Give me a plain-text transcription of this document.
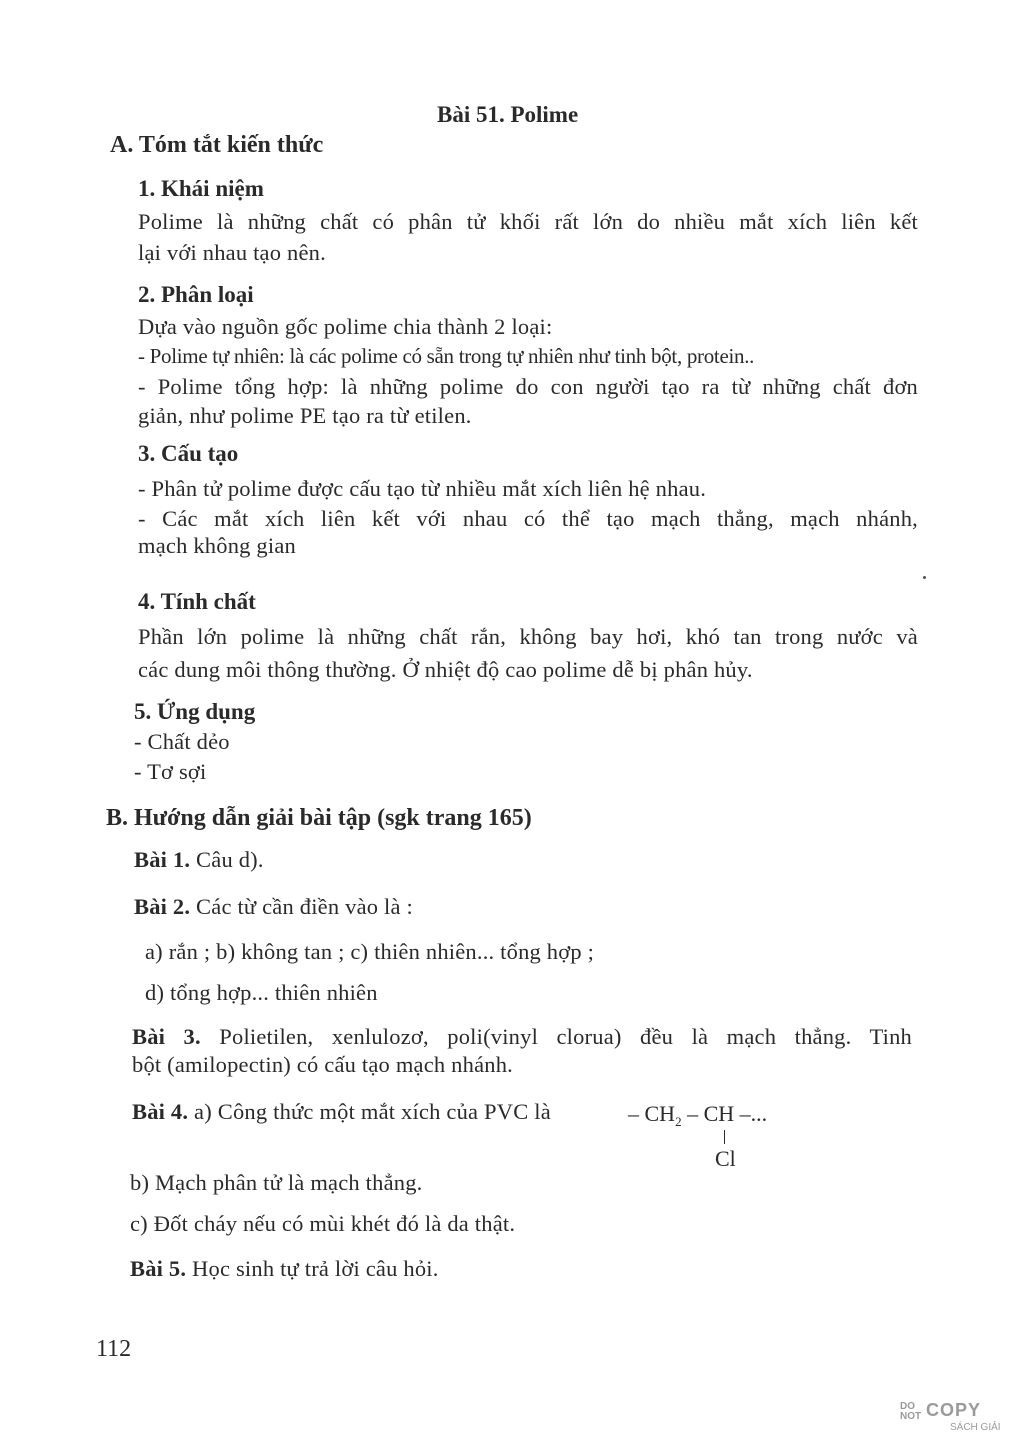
Bài 51. Polime
A. Tóm tắt kiến thức
1. Khái niệm
Polime là những chất có phân tử khối rất lớn do nhiều mắt xích liên kết
lại với nhau tạo nên.
2. Phân loại
Dựa vào nguồn gốc polime chia thành 2 loại:
- Polime tự nhiên: là các polime có sẵn trong tự nhiên như tinh bột, protein..
- Polime tổng hợp: là những polime do con người tạo ra từ những chất đơn
giản, như polime PE tạo ra từ etilen.
3. Cấu tạo
- Phân tử polime được cấu tạo từ nhiều mắt xích liên hệ nhau.
- Các mắt xích liên kết với nhau có thể tạo mạch thẳng, mạch nhánh,
mạch không gian
4. Tính chất
Phần lớn polime là những chất rắn, không bay hơi, khó tan trong nước và
các dung môi thông thường. Ở nhiệt độ cao polime dễ bị phân hủy.
5. Ứng dụng
- Chất dẻo
- Tơ sợi
B. Hướng dẫn giải bài tập (sgk trang 165)
Bài 1. Câu d).
Bài 2. Các từ cần điền vào là :
a) rắn ; b) không tan ; c) thiên nhiên... tổng hợp ;
d) tổng hợp... thiên nhiên
Bài 3. Polietilen, xenlulozơ, poli(vinyl clorua) đều là mạch thẳng. Tinh
bột (amilopectin) có cấu tạo mạch nhánh.
Bài 4. a) Công thức một mắt xích của PVC là	– $CH_2$ – CH –...
Cl
b) Mạch phân tử là mạch thẳng.
c) Đốt cháy nếu có mùi khét đó là da thật.
Bài 5. Học sinh tự trả lời câu hỏi.
112
DO
NOT COPY
SÁCH GIẢI
